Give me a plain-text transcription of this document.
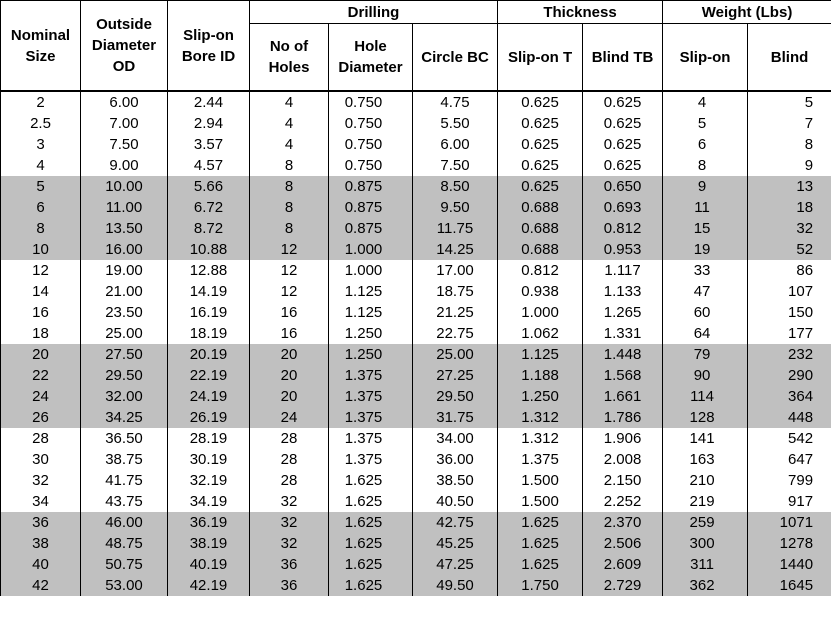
Nominal Size	Outside Diameter OD	Slip-on Bore ID	Drilling			Thickness		Weight (Lbs)	
			No of Holes	Hole Diameter	Circle BC	Slip-on T	Blind TB	Slip-on	Blind
2	6.00	2.44	4	0.750	4.75	0.625	0.625	4	5
2.5	7.00	2.94	4	0.750	5.50	0.625	0.625	5	7
3	7.50	3.57	4	0.750	6.00	0.625	0.625	6	8
4	9.00	4.57	8	0.750	7.50	0.625	0.625	8	9
5	10.00	5.66	8	0.875	8.50	0.625	0.650	9	13
6	11.00	6.72	8	0.875	9.50	0.688	0.693	11	18
8	13.50	8.72	8	0.875	11.75	0.688	0.812	15	32
10	16.00	10.88	12	1.000	14.25	0.688	0.953	19	52
12	19.00	12.88	12	1.000	17.00	0.812	1.117	33	86
14	21.00	14.19	12	1.125	18.75	0.938	1.133	47	107
16	23.50	16.19	16	1.125	21.25	1.000	1.265	60	150
18	25.00	18.19	16	1.250	22.75	1.062	1.331	64	177
20	27.50	20.19	20	1.250	25.00	1.125	1.448	79	232
22	29.50	22.19	20	1.375	27.25	1.188	1.568	90	290
24	32.00	24.19	20	1.375	29.50	1.250	1.661	114	364
26	34.25	26.19	24	1.375	31.75	1.312	1.786	128	448
28	36.50	28.19	28	1.375	34.00	1.312	1.906	141	542
30	38.75	30.19	28	1.375	36.00	1.375	2.008	163	647
32	41.75	32.19	28	1.625	38.50	1.500	2.150	210	799
34	43.75	34.19	32	1.625	40.50	1.500	2.252	219	917
36	46.00	36.19	32	1.625	42.75	1.625	2.370	259	1071
38	48.75	38.19	32	1.625	45.25	1.625	2.506	300	1278
40	50.75	40.19	36	1.625	47.25	1.625	2.609	311	1440
42	53.00	42.19	36	1.625	49.50	1.750	2.729	362	1645
